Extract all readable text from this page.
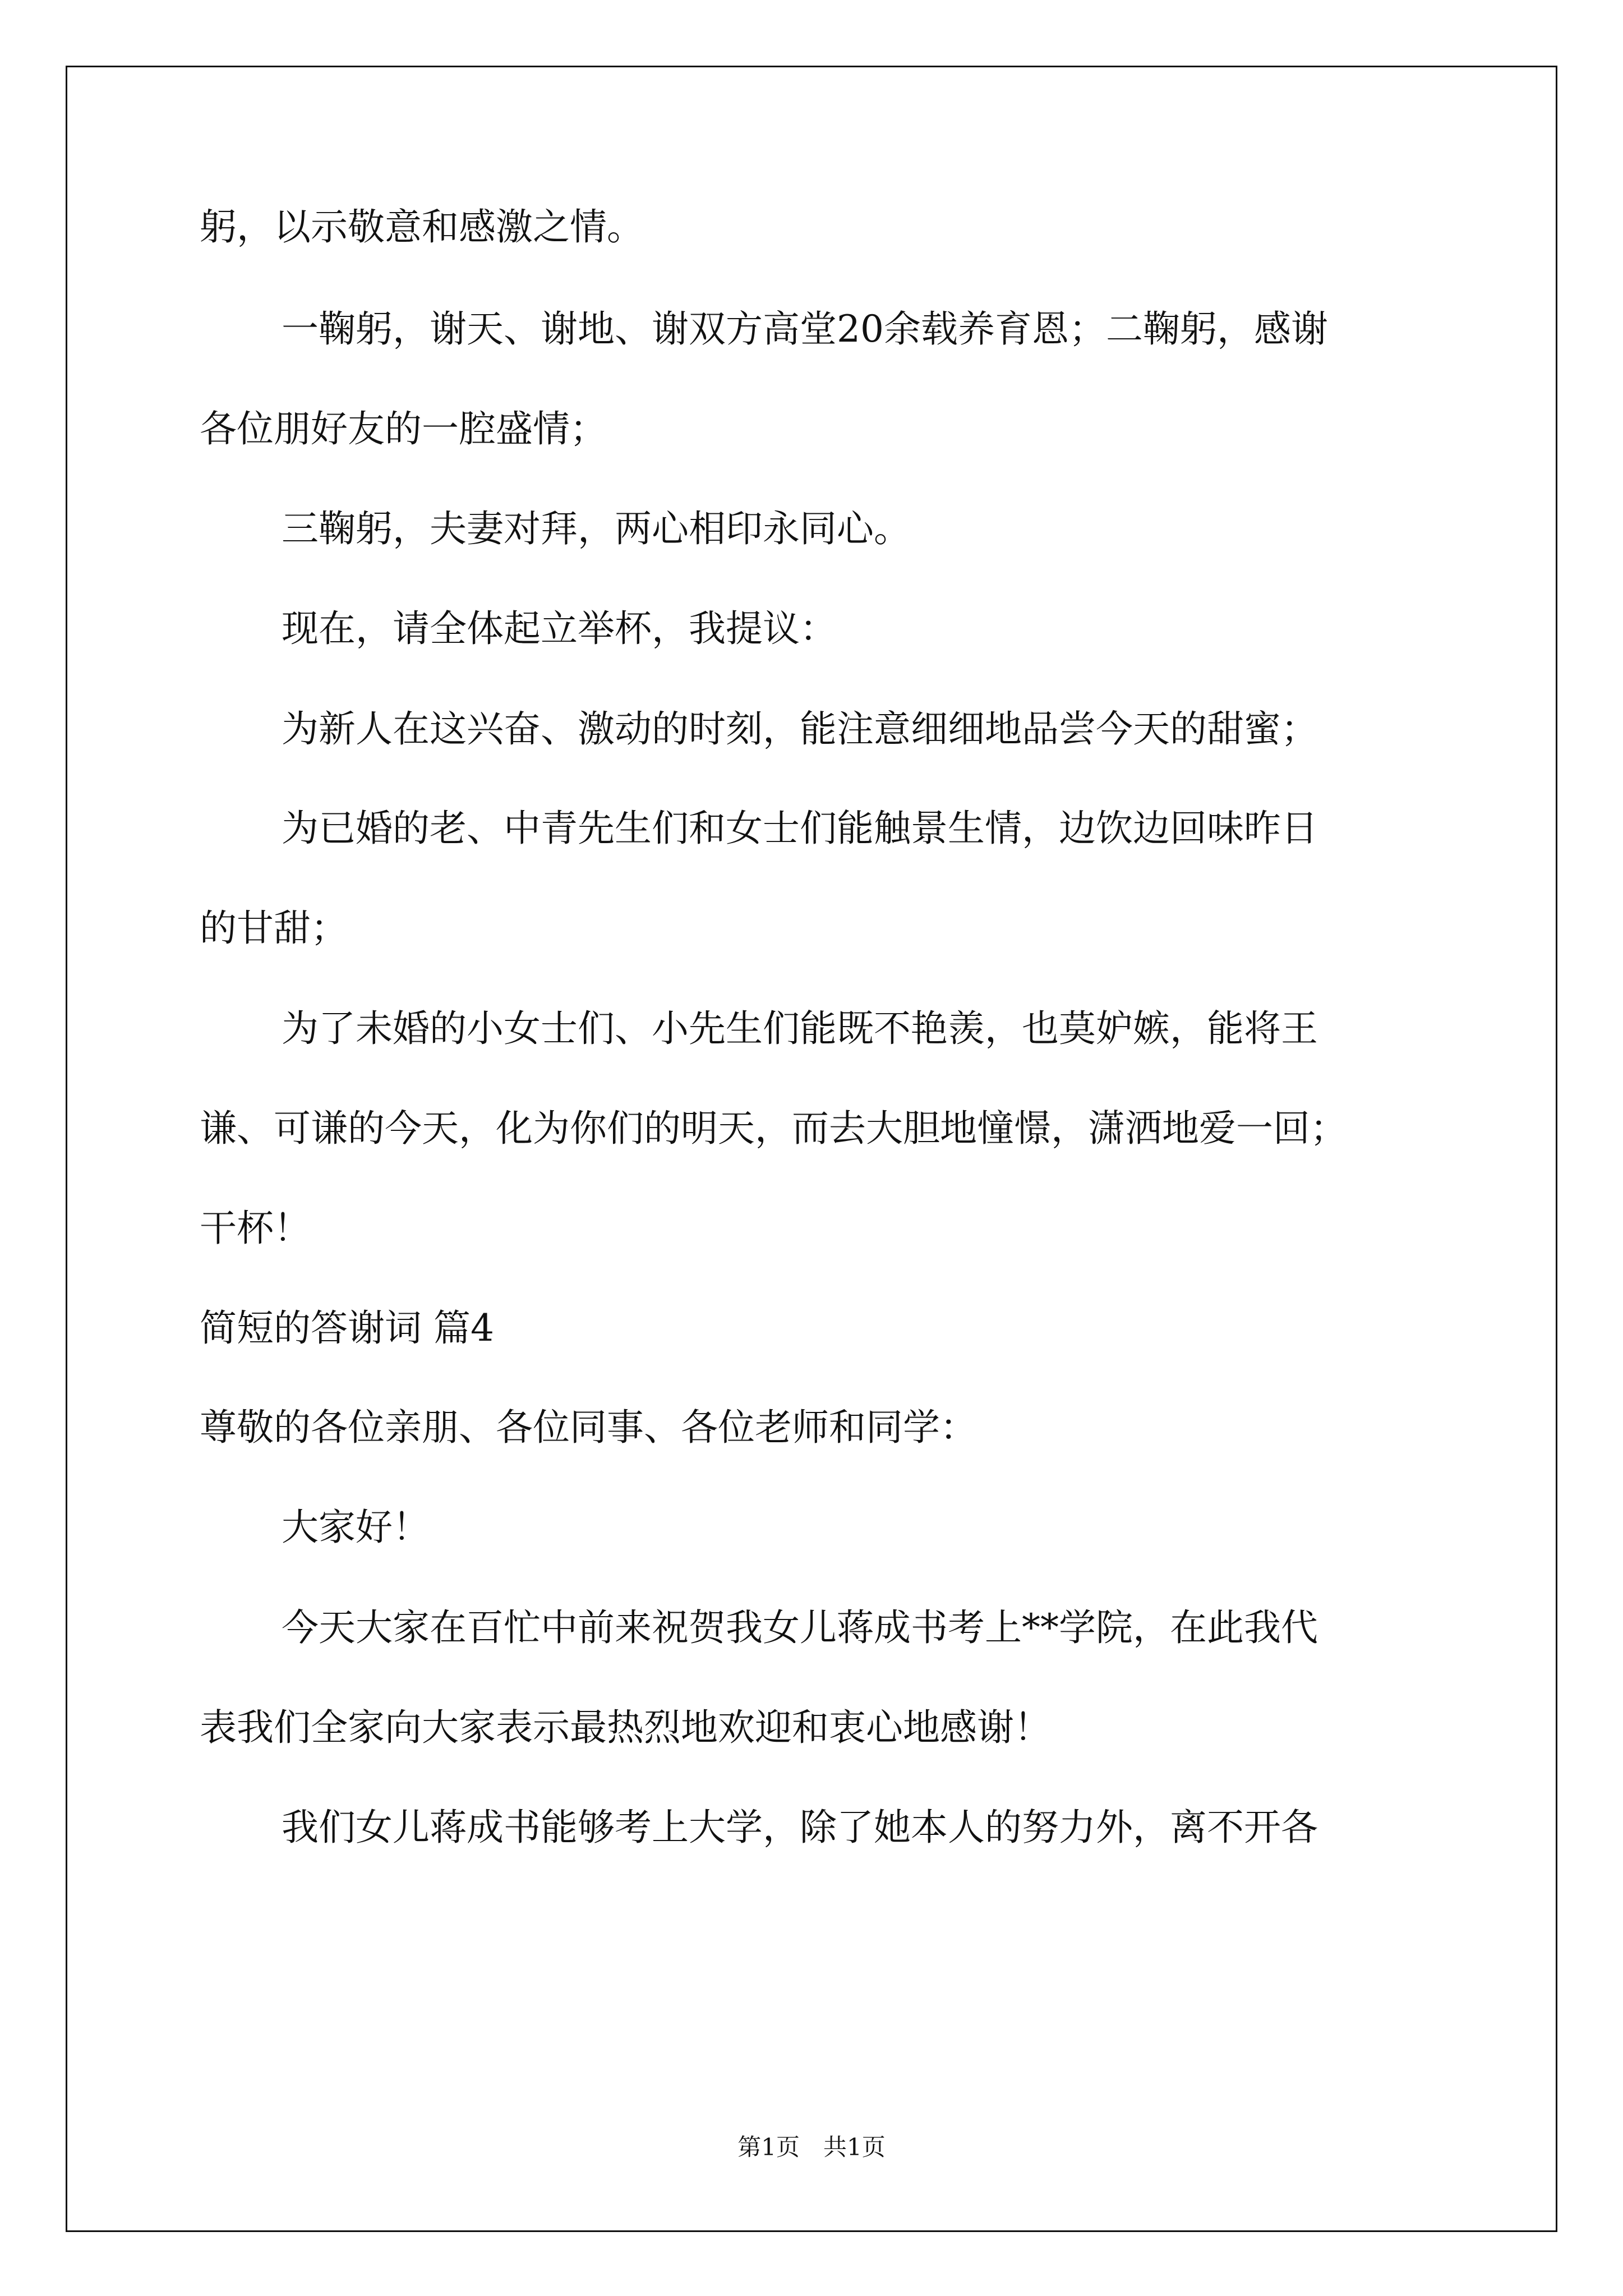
躬，以示敬意和感激之情。
一鞠躬，谢天、谢地、谢双方高堂20余载养育恩；二鞠躬，感谢
各位朋好友的一腔盛情；
三鞠躬，夫妻对拜，两心相印永同心。
现在，请全体起立举杯，我提议：
为新人在这兴奋、激动的时刻，能注意细细地品尝今天的甜蜜；
为已婚的老、中青先生们和女士们能触景生情，边饮边回味昨日
的甘甜；
为了未婚的小女士们、小先生们能既不艳羡，也莫妒嫉，能将王
谦、可谦的今天，化为你们的明天，而去大胆地憧憬，潇洒地爱一回；
干杯！
简短的答谢词 篇4
尊敬的各位亲朋、各位同事、各位老师和同学：
大家好！
今天大家在百忙中前来祝贺我女儿蒋成书考上**学院，在此我代
表我们全家向大家表示最热烈地欢迎和衷心地感谢！
我们女儿蒋成书能够考上大学，除了她本人的努力外，离不开各
第1页　共1页
